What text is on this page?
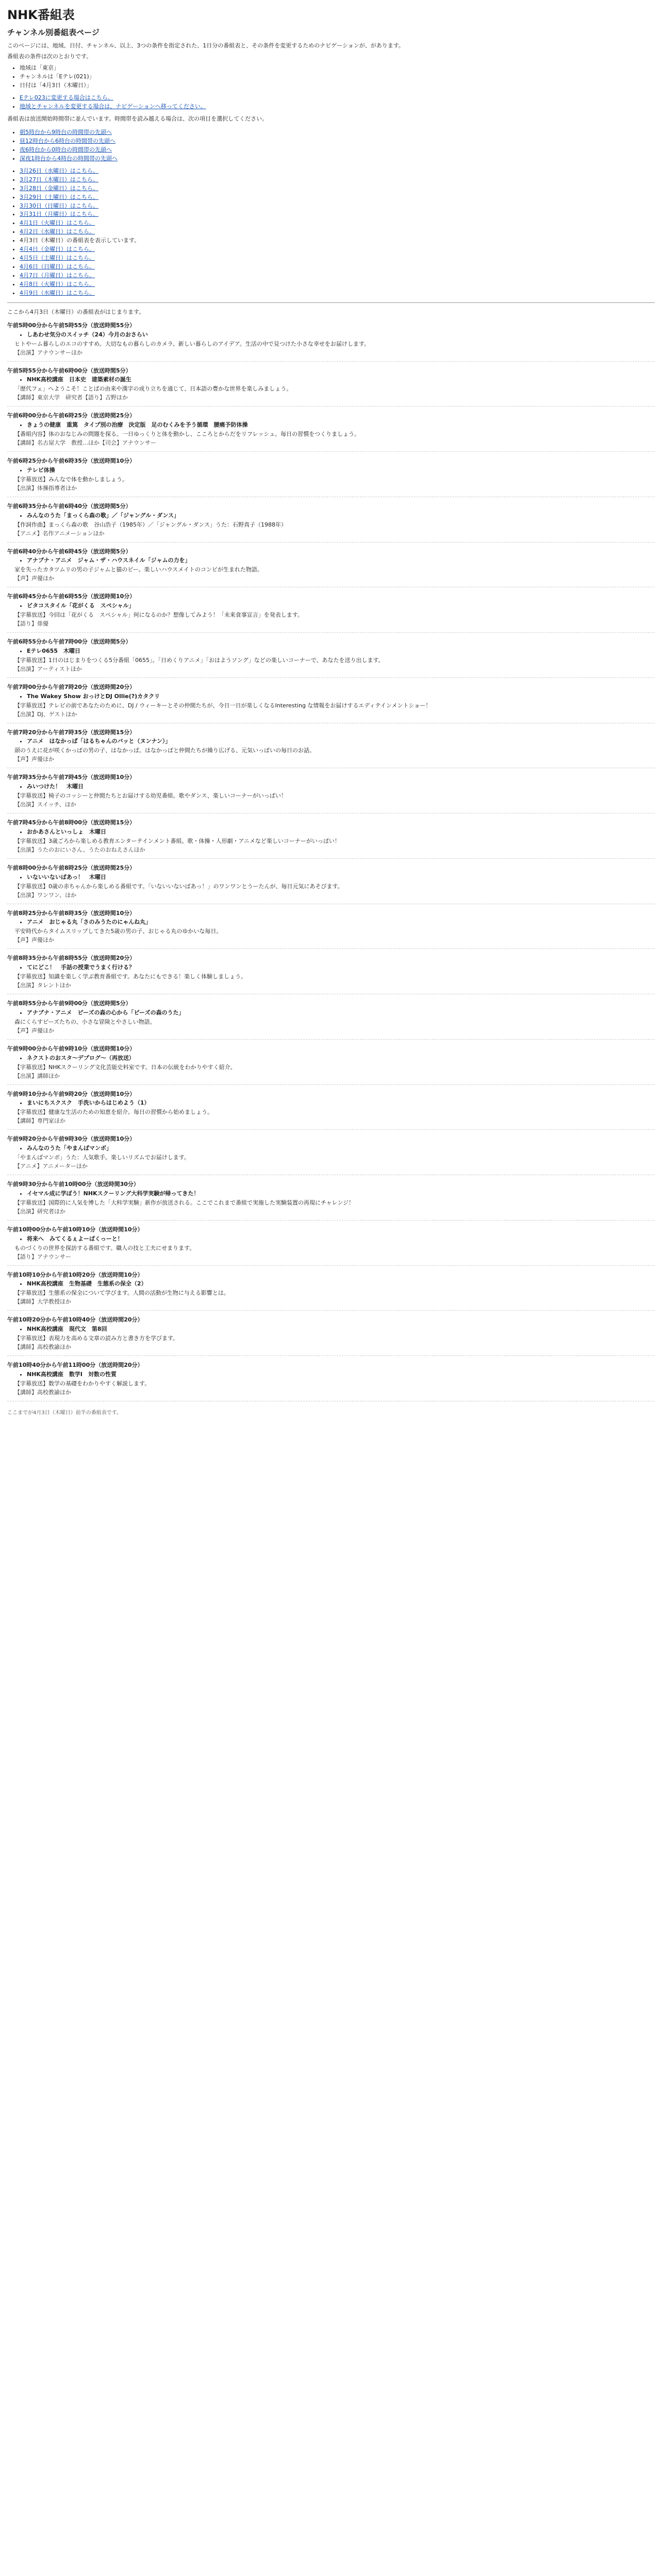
NHK番組表
チャンネル別番組表ページ

このページには、地域、日付、チャンネル、以上、3つの条件を指定された、1日分の番組表と、その条件を変更するためのナビゲーションが、があります。

番組表の条件は次のとおりです。

• 地域は「東京」
• チャンネルは「Eテレ(021)」
• 日付は「4月3日（木曜日）」
• Eテレ023に変更する場合はこちら。
• 地域とチャンネルを変更する場合は、ナビゲーションへ移ってください。

番組表は放送開始時間帯に並んでいます。時間帯を読み越える場合は、次の項目を選択してください。

• 朝5時台から9時台の時間帯の先頭へ
• 昼12時台から6時台の時間帯の先頭へ
• 夜6時台から0時台の時間帯の先頭へ
• 深夜1時台から4時台の時間帯の先頭へ
• 3月26日（水曜日）はこちら。
• 3月27日（木曜日）はこちら。
• 3月28日（金曜日）はこちら。
• 3月29日（土曜日）はこちら。
• 3月30日（日曜日）はこちら。
• 3月31日（月曜日）はこちら。
• 4月1日（火曜日）はこちら。
• 4月2日（水曜日）はこちら。
• 4月3日（木曜日）の番組表を表示しています。
• 4月4日（金曜日）はこちら。
• 4月5日（土曜日）はこちら。
• 4月6日（日曜日）はこちら。
• 4月7日（月曜日）はこちら。
• 4月8日（火曜日）はこちら。
• 4月9日（水曜日）はこちら。

ここから4月3日（木曜日）の番組表がはじまります。

午前5時00分から午前5時55分（放送時間55分）

• しあわせ気分のスイッチ（24）今月のおさらい

ヒトやーム暮らしのエコのすすめ。大切なもの暮らしのカメラ、新しい暮らしのアイデア。生活の中で見つけた小さな幸せをお届けします。

【出演】アナウンサーほか

午前5時55分から午前6時00分（放送時間5分）

• NHK高校講座　日本史　建築素材の誕生

「歴代フェ」へようこそ！ことばの由来や漢字の成り立ちを通じて、日本語の豊かな世界を楽しみましょう。

【講師】東京大学　研究者【語り】吉野ほか

午前6時00分から午前6時25分（放送時間25分）

• きょうの健康　重篤　タイプ別の治療　決定版　足のむくみを予う循環　腰痛予防体操

【番組内容】体のおなじみの問題を探る。一日ゆっくりと体を動かし、こころとからだをリフレッシュ。毎日の習慣をつくりましょう。

【講師】名古屋大学　教授…ほか【司会】アナウンサー

午前6時25分から午前6時35分（放送時間10分）

• テレビ体操

【字幕放送】みんなで体を動かしましょう。

【出演】体操指導者ほか

午前6時35分から午前6時40分（放送時間5分）

• みんなのうた「まっくら森の歌」／「ジャングル・ダンス」

【作詞作曲】まっくら森の歌　谷山浩子（1985年）／「ジャングル・ダンス」うた：石野真子（1988年）

【アニメ】名作アニメーションほか

午前6時40分から午前6時45分（放送時間5分）

• アナブナ・アニメ　ジャム・ザ・ハウスネイル「ジャムの力を」

家を失ったカタツムリの男の子ジャムと猫のピー。楽しいハウスメイトのコンビが生まれた物語。

【声】声優ほか

午前6時45分から午前6時55分（放送時間10分）

• ビタコスタイル「花がくる　スペシャル」

【字幕放送】今回は「花がくる　スペシャル」何になるのか？想像してみよう！「未来食事宣言」を発表します。

【語り】俳優

午前6時55分から午前7時00分（放送時間5分）

• Eテレ0655　木曜日

【字幕放送】1日のはじまりをつくる5分番組「0655」。「日めくりアニメ」「おはようソング」などの楽しいコーナーで、あなたを送り出します。

【出演】アーティストほか

午前7時00分から午前7時20分（放送時間20分）

• The Wakey Show おっけとDJ Ollie(?)カタクリ

【字幕放送】テレビの前であなたのために、DJ / ウィーキーとその仲間たちが、今日一日が楽しくなるInteresting な情報をお届けするエディテインメントショー！

【出演】DJ、ゲストほか

午前7時20分から午前7時35分（放送時間15分）

• アニメ　はなかっぱ「はるちゃんのバッと（ヌンナン）」

頭のうえに花が咲くかっぱの男の子、はなかっぱ。はなかっぱと仲間たちが繰り広げる、元気いっぱいの毎日のお話。

【声】声優ほか

午前7時35分から午前7時45分（放送時間10分）

• みいつけた！　木曜日

【字幕放送】椅子のコッシーと仲間たちとお届けする幼児番組。歌やダンス、楽しいコーナーがいっぱい！

【出演】スイッチ、ほか

午前7時45分から午前8時00分（放送時間15分）

• おかあさんといっしょ　木曜日

【字幕放送】3歳ごろから楽しめる教育エンターテインメント番組。歌・体操・人形劇・アニメなど楽しいコーナーがいっぱい！

【出演】うたのおにいさん、うたのおねえさんほか

午前8時00分から午前8時25分（放送時間25分）

• いないいないばあっ！　木曜日

【字幕放送】0歳の赤ちゃんから楽しめる番組です。「いないいないばあっ！」のワンワンとうーたんが、毎日元気にあそびます。

【出演】ワンワン、ほか

午前8時25分から午前8時35分（放送時間10分）

• アニメ　おじゃる丸「さのみうたのにゃんね丸」

平安時代からタイムスリップしてきた5歳の男の子、おじゃる丸のゆかいな毎日。

【声】声優ほか

午前8時35分から午前8時55分（放送時間20分）

• てにどこ！　手話の授業でうまく行ける？

【字幕放送】知識を楽しく学ぶ教育番組です。あなたにもできる！楽しく体験しましょう。

【出演】タレントほか

午前8時55分から午前9時00分（放送時間5分）

• アナブナ・アニメ　ピーズの森の心から「ピーズの森のうた」

森にくらすピーズたちの、小さな冒険とやさしい物語。

【声】声優ほか

午前9時00分から午前9時10分（放送時間10分）

• ネクストのおスタ～デプログ～（再放送）

【字幕放送】NHKスクーリング文化芸能史料室です。日本の伝統をわかりやすく紹介。

【出演】講師ほか

午前9時10分から午前9時20分（放送時間10分）

• まいにちスクスク　手洗いからはじめよう（1）

【字幕放送】健康な生活のための知恵を紹介。毎日の習慣から始めましょう。

【講師】専門家ほか

午前9時20分から午前9時30分（放送時間10分）

• みんなのうた「やまんばマンボ」

「やまんばマンボ」うた：人気歌手。楽しいリズムでお届けします。

【アニメ】アニメーターほか

午前9時30分から午前10時00分（放送時間30分）

• イセマル成に学ぼう！NHKスクーリング大科学実験が帰ってきた！

【字幕放送】国際的に人気を博した「大科学実験」新作が放送される。ここでこれまで番組で実施した実験装置の再現にチャレンジ！

【出演】研究者ほか

午前10時00分から午前10時10分（放送時間10分）

• 将来へ　みてくるぇよーばくっーと！

ものづくりの世界を探訪する番組です。職人の技と工夫にせまります。

【語り】アナウンサー

午前10時10分から午前10時20分（放送時間10分）

• NHK高校講座　生物基礎　生態系の保全（2）

【字幕放送】生態系の保全について学びます。人間の活動が生物に与える影響とは。

【講師】大学教授ほか

午前10時20分から午前10時40分（放送時間20分）

• NHK高校講座　現代文　第8回

【字幕放送】表現力を高める文章の読み方と書き方を学びます。

【講師】高校教諭ほか

午前10時40分から午前11時00分（放送時間20分）

• NHK高校講座　数学Ⅰ　対数の性質

【字幕放送】数学の基礎をわかりやすく解説します。

【講師】高校教諭ほか

ここまでが4月3日（木曜日）前半の番組表です。
